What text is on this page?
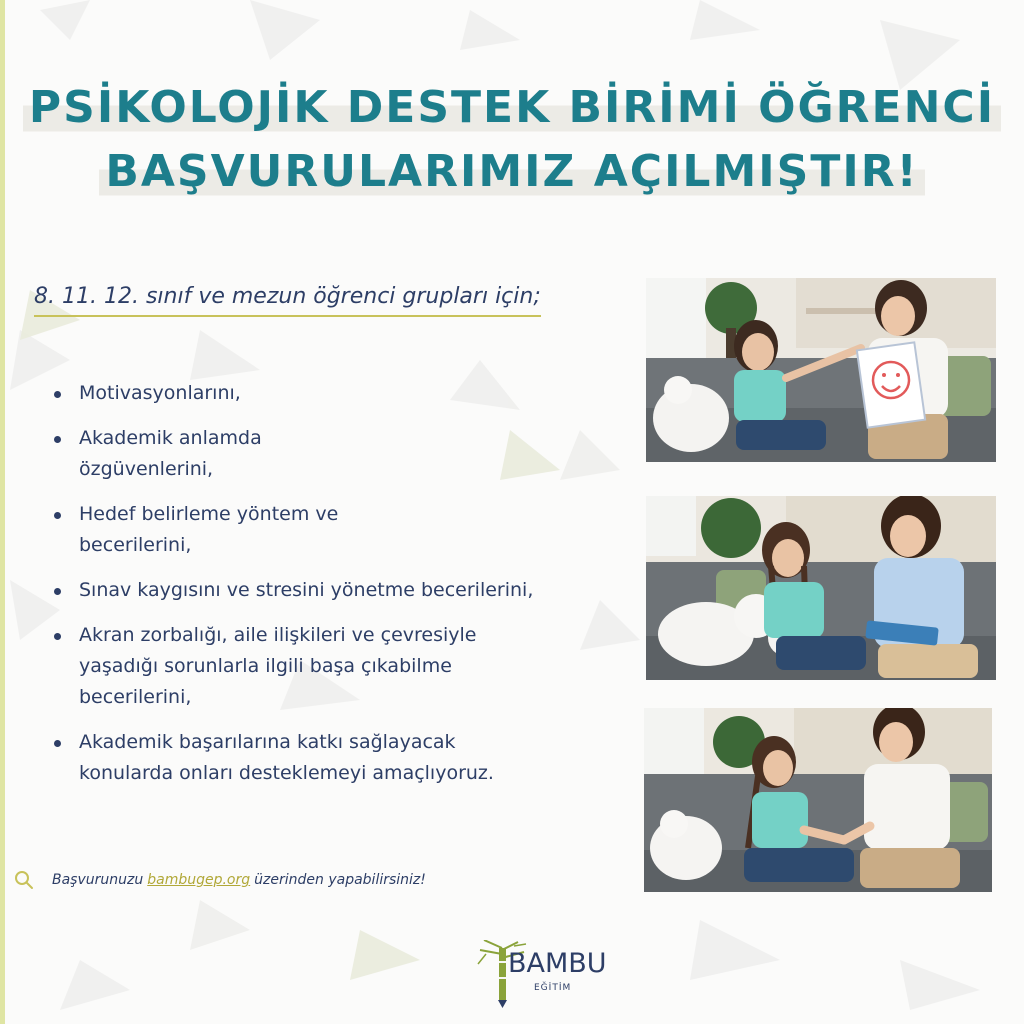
PSİKOLOJİK DESTEK BİRİMİ ÖĞRENCİ
BAŞVURULARIMIZ AÇILMIŞTIR!
8. 11. 12. sınıf ve mezun öğrenci grupları için;
Motivasyonlarını,
Akademik anlamda
özgüvenlerini,
Hedef belirleme yöntem ve
becerilerini,
Sınav kaygısını ve stresini yönetme becerilerini,
Akran zorbalığı, aile ilişkileri ve çevresiyle
yaşadığı sorunlarla ilgili başa çıkabilme
becerilerini,
Akademik başarılarına katkı sağlayacak
konularda onları desteklemeyi amaçlıyoruz.
Başvurunuzu bambugep.org üzerinden yapabilirsiniz!
BAMBU
EĞİTİM
